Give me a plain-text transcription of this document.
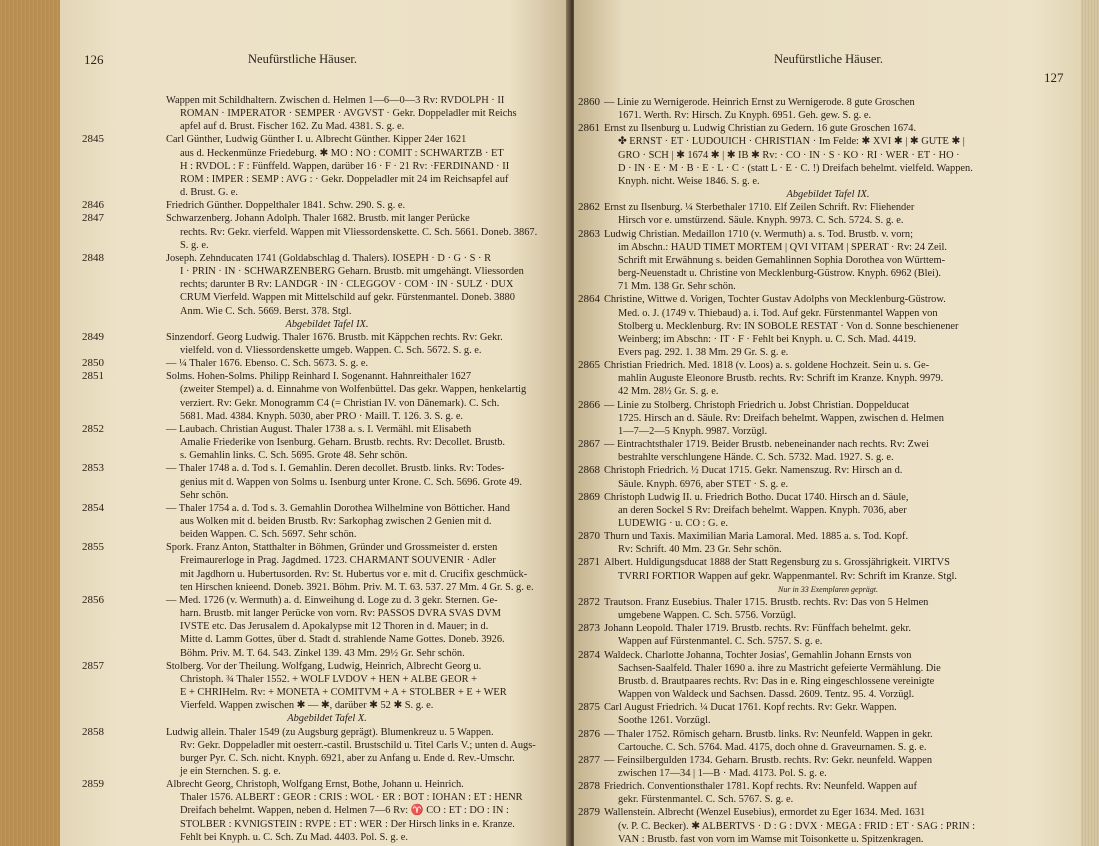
126	Neufürstliche Häuser.
Wappen mit Schildhaltern. Zwischen d. Helmen 1—6—0—3 Rv: RVDOLPH · II
ROMAN · IMPERATOR · SEMPER · AVGVST · Gekr. Doppeladler mit Reichs
apfel auf d. Brust. Fischer 162. Zu Mad. 4381. S. g. e.
2845	Carl Günther, Ludwig Günther I. u. Albrecht Günther. Kipper 24er 1621
aus d. Heckenmünze Friedeburg. ✱ MO : NO : COMIT : SCHWARTZB · ET
H : RVDOL : F : Fünffeld. Wappen, darüber 16 · F · 21 Rv: ·FERDINAND · II
ROM : IMPER : SEMP : AVG : · Gekr. Doppeladler mit 24 im Reichsapfel auf
d. Brust. G. e.
2846	Friedrich Günther. Doppelthaler 1841. Schw. 290. S. g. e.
2847	Schwarzenberg. Johann Adolph. Thaler 1682. Brustb. mit langer Perücke
rechts. Rv: Gekr. vierfeld. Wappen mit Vliessordenskette. C. Sch. 5661. Doneb. 3867.
S. g. e.
2848	Joseph. Zehnducaten 1741 (Goldabschlag d. Thalers). IOSEPH · D · G · S · R
I · PRIN · IN · SCHWARZENBERG Geharn. Brustb. mit umgehängt. Vliessorden
rechts; darunter B Rv: LANDGR · IN · CLEGGOV · COM · IN · SULZ · DUX
CRUM Vierfeld. Wappen mit Mittelschild auf gekr. Fürstenmantel. Doneb. 3880
Anm. Wie C. Sch. 5669. Berst. 378. Stgl.
Abgebildet Tafel IX.
2849	Sinzendorf. Georg Ludwig. Thaler 1676. Brustb. mit Käppchen rechts. Rv: Gekr.
vielfeld. von d. Vliessordenskette umgeb. Wappen. C. Sch. 5672. S. g. e.
2850	— ¼ Thaler 1676. Ebenso. C. Sch. 5673. S. g. e.
2851	Solms. Hohen-Solms. Philipp Reinhard I. Sogenannt. Hahnreithaler 1627
(zweiter Stempel) a. d. Einnahme von Wolfenbüttel. Das gekr. Wappen, henkelartig
verziert. Rv: Gekr. Monogramm C4 (= Christian IV. von Dänemark). C. Sch.
5681. Mad. 4384. Knyph. 5030, aber PRO · Maill. T. 126. 3. S. g. e.
2852	— Laubach. Christian August. Thaler 1738 a. s. I. Vermähl. mit Elisabeth
Amalie Friederike von Isenburg. Geharn. Brustb. rechts. Rv: Decollet. Brustb.
s. Gemahlin links. C. Sch. 5695. Grote 48. Sehr schön.
2853	— Thaler 1748 a. d. Tod s. I. Gemahlin. Deren decollet. Brustb. links. Rv: Todes-
genius mit d. Wappen von Solms u. Isenburg unter Krone. C. Sch. 5696. Grote 49.
Sehr schön.
2854	— Thaler 1754 a. d. Tod s. 3. Gemahlin Dorothea Wilhelmine von Bötticher. Hand
aus Wolken mit d. beiden Brustb. Rv: Sarkophag zwischen 2 Genien mit d.
beiden Wappen. C. Sch. 5697. Sehr schön.
2855	Spork. Franz Anton, Statthalter in Böhmen, Gründer und Grossmeister d. ersten
Freimaurerloge in Prag. Jagdmed. 1723. CHARMANT SOUVENIR · Adler
mit Jagdhorn u. Hubertusorden. Rv: St. Hubertus vor e. mit d. Crucifix geschmück-
ten Hirschen knieend. Doneb. 3921. Böhm. Priv. M. T. 63. 537. 27 Mm. 4 Gr. S. g. e.
2856	— Med. 1726 (v. Wermuth) a. d. Einweihung d. Loge zu d. 3 gekr. Sternen. Ge-
harn. Brustb. mit langer Perücke von vorn. Rv: PASSOS DVRA SVAS DVM
IVSTE etc. Das Jerusalem d. Apokalypse mit 12 Thoren in d. Mauer; in d.
Mitte d. Lamm Gottes, über d. Stadt d. strahlende Name Gottes. Doneb. 3926.
Böhm. Priv. M. T. 64. 543. Zinkel 139. 43 Mm. 29½ Gr. Sehr schön.
2857	Stolberg. Vor der Theilung. Wolfgang, Ludwig, Heinrich, Albrecht Georg u.
Christoph. ¾ Thaler 1552. + WOLF LVDOV + HEN + ALBE GEOR +
E + CHRIHelm. Rv: + MONETA + COMITVM + A + STOLBER + E + WER
Vierfeld. Wappen zwischen ✱ — ✱, darüber ✱ 52 ✱ S. g. e.
Abgebildet Tafel X.
2858	Ludwig allein. Thaler 1549 (zu Augsburg geprägt). Blumenkreuz u. 5 Wappen.
Rv: Gekr. Doppeladler mit oesterr.-castil. Brustschild u. Titel Carls V.; unten d. Augs-
burger Pyr. C. Sch. nicht. Knyph. 6921, aber zu Anfang u. Ende d. Rev.-Umschr.
je ein Sternchen. S. g. e.
2859	Albrecht Georg, Christoph, Wolfgang Ernst, Bothe, Johann u. Heinrich.
Thaler 1576. ALBERT : GEOR : CRIS : WOL · ER : BOT : IOHAN : ET : HENR
Dreifach behelmt. Wappen, neben d. Helmen 7—6 Rv: ♈ CO : ET : DO : IN :
STOLBER : KVNIGSTEIN : RVPE : ET : WER : Der Hirsch links in e. Kranze.
Fehlt bei Knyph. u. C. Sch. Zu Mad. 4403. Pol. S. g. e.
Neufürstliche Häuser.
127
2860 — Linie zu Wernigerode. Heinrich Ernst zu Wernigerode. 8 gute Groschen
1671. Werth. Rv: Hirsch. Zu Knyph. 6951. Geh. gew. S. g. e.
2861 Ernst zu Ilsenburg u. Ludwig Christian zu Gedern. 16 gute Groschen 1674.
✤ ERNST · ET · LUDOUICH · CHRISTIAN · Im Felde: ✱ XVI ✱ | ✱ GUTE ✱ |
GRO · SCH | ✱ 1674 ✱ | ✱ IB ✱ Rv: · CO · IN · S · KO · RI · WER · ET · HO ·
D · IN · E · M · B · E · L · C · (statt L · E · C. !) Dreifach behelmt. vielfeld. Wappen.
Knyph. nicht. Weise 1846. S. g. e.
Abgebildet Tafel IX.
2862 Ernst zu Ilsenburg. ¼ Sterbethaler 1710. Elf Zeilen Schrift. Rv: Fliehender
Hirsch vor e. umstürzend. Säule. Knyph. 9973. C. Sch. 5724. S. g. e.
2863 Ludwig Christian. Medaillon 1710 (v. Wermuth) a. s. Tod. Brustb. v. vorn;
im Abschn.: HAUD TIMET MORTEM | QVI VITAM | SPERAT · Rv: 24 Zeil.
Schrift mit Erwähnung s. beiden Gemahlinnen Sophia Dorothea von Württem-
berg-Neuenstadt u. Christine von Mecklenburg-Güstrow. Knyph. 6962 (Blei).
71 Mm. 138 Gr. Sehr schön.
2864 Christine, Wittwe d. Vorigen, Tochter Gustav Adolphs von Mecklenburg-Güstrow.
Med. o. J. (1749 v. Thiebaud) a. i. Tod. Auf gekr. Fürstenmantel Wappen von
Stolberg u. Mecklenburg. Rv: IN SOBOLE RESTAT · Von d. Sonne beschienener
Weinberg; im Abschn: · IT · F · Fehlt bei Knyph. u. C. Sch. Mad. 4419.
Evers pag. 292. 1. 38 Mm. 29 Gr. S. g. e.
2865 Christian Friedrich. Med. 1818 (v. Loos) a. s. goldene Hochzeit. Sein u. s. Ge-
mahlin Auguste Eleonore Brustb. rechts. Rv: Schrift im Kranze. Knyph. 9979.
42 Mm. 28½ Gr. S. g. e.
2866 — Linie zu Stolberg. Christoph Friedrich u. Jobst Christian. Doppelducat
1725. Hirsch an d. Säule. Rv: Dreifach behelmt. Wappen, zwischen d. Helmen
1—7—2—5 Knyph. 9987. Vorzügl.
2867 — Eintrachtsthaler 1719. Beider Brustb. nebeneinander nach rechts. Rv: Zwei
bestrahlte verschlungene Hände. C. Sch. 5732. Mad. 1927. S. g. e.
2868 Christoph Friedrich. ½ Ducat 1715. Gekr. Namenszug. Rv: Hirsch an d.
Säule. Knyph. 6976, aber STET · S. g. e.
2869 Christoph Ludwig II. u. Friedrich Botho. Ducat 1740. Hirsch an d. Säule,
an deren Sockel S Rv: Dreifach behelmt. Wappen. Knyph. 7036, aber
LUDEWIG · u. CO : G. e.
2870 Thurn und Taxis. Maximilian Maria Lamoral. Med. 1885 a. s. Tod. Kopf.
Rv: Schrift. 40 Mm. 23 Gr. Sehr schön.
2871 Albert. Huldigungsducat 1888 der Statt Regensburg zu s. Grossjährigkeit. VIRTVS
TVRRI FORTIOR Wappen auf gekr. Wappenmantel. Rv: Schrift im Kranze. Stgl.
Nur in 33 Exemplaren geprägt.
2872 Trautson. Franz Eusebius. Thaler 1715. Brustb. rechts. Rv: Das von 5 Helmen
umgebene Wappen. C. Sch. 5756. Vorzügl.
2873 Johann Leopold. Thaler 1719. Brustb. rechts. Rv: Fünffach behelmt. gekr.
Wappen auf Fürstenmantel. C. Sch. 5757. S. g. e.
2874 Waldeck. Charlotte Johanna, Tochter Josias', Gemahlin Johann Ernsts von
Sachsen-Saalfeld. Thaler 1690 a. ihre zu Mastricht gefeierte Vermählung. Die
Brustb. d. Brautpaares rechts. Rv: Das in e. Ring eingeschlossene vereinigte
Wappen von Waldeck und Sachsen. Dassd. 2609. Tentz. 95. 4. Vorzügl.
2875 Carl August Friedrich. ¼ Ducat 1761. Kopf rechts. Rv: Gekr. Wappen.
Soothe 1261. Vorzügl.
2876 — Thaler 1752. Römisch geharn. Brustb. links. Rv: Neunfeld. Wappen in gekr.
Cartouche. C. Sch. 5764. Mad. 4175, doch ohne d. Graveurnamen. S. g. e.
2877 — Feinsilbergulden 1734. Geharn. Brustb. rechts. Rv: Gekr. neunfeld. Wappen
zwischen 17—34 | 1—B · Mad. 4173. Pol. S. g. e.
2878 Friedrich. Conventionsthaler 1781. Kopf rechts. Rv: Neunfeld. Wappen auf
gekr. Fürstenmantel. C. Sch. 5767. S. g. e.
2879 Wallenstein. Albrecht (Wenzel Eusebius), ermordet zu Eger 1634. Med. 1631
(v. P. C. Becker). ✱ ALBERTVS · D : G : DVX · MEGA : FRID : ET · SAG : PRIN :
VAN : Brustb. fast von vorn im Wamse mit Toisonkette u. Spitzenkragen.
